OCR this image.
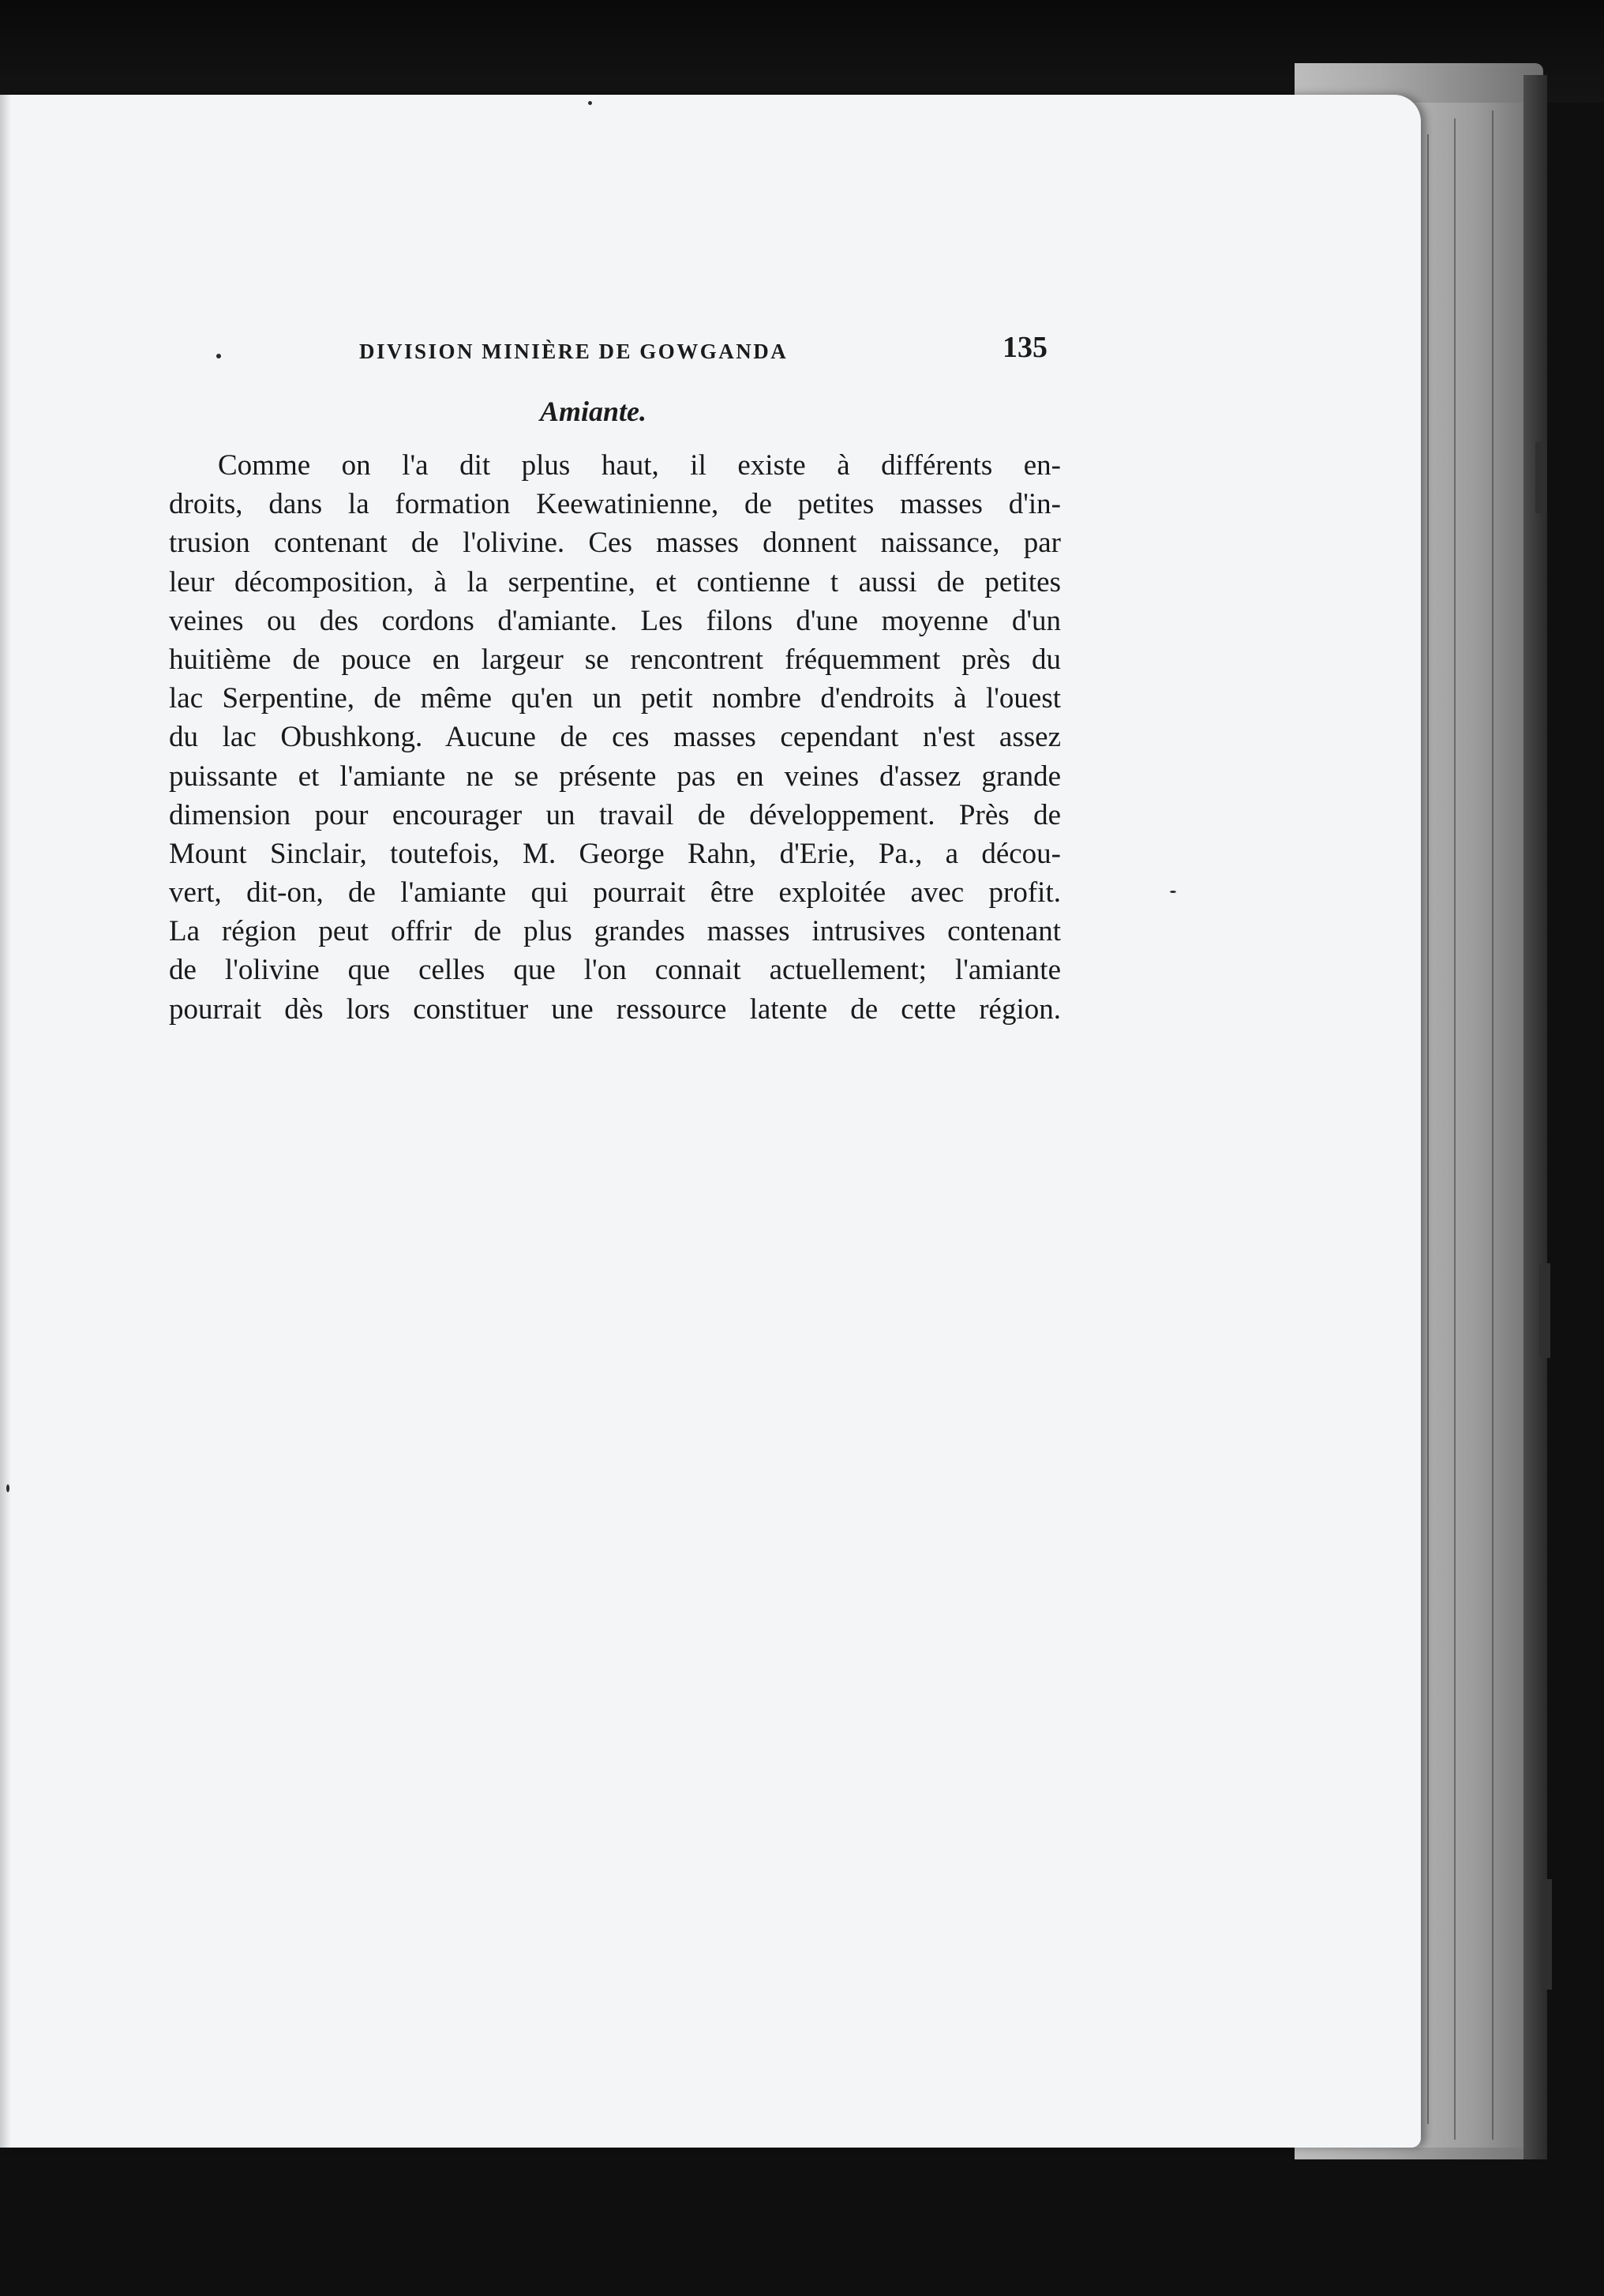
DIVISION MINIÈRE DE GOWGANDA	135
Amiante.
Comme on l'a dit plus haut, il existe à différents en-
droits, dans la formation Keewatinienne, de petites masses d'in-
trusion contenant de l'olivine. Ces masses donnent naissance, par
leur décomposition, à la serpentine, et contienne t aussi de petites
veines ou des cordons d'amiante. Les filons d'une moyenne d'un
huitième de pouce en largeur se rencontrent fréquemment près du
lac Serpentine, de même qu'en un petit nombre d'endroits à l'ouest
du lac Obushkong. Aucune de ces masses cependant n'est assez
puissante et l'amiante ne se présente pas en veines d'assez grande
dimension pour encourager un travail de développement. Près de
Mount Sinclair, toutefois, M. George Rahn, d'Erie, Pa., a décou-
vert, dit-on, de l'amiante qui pourrait être exploitée avec profit.
La région peut offrir de plus grandes masses intrusives contenant
de l'olivine que celles que l'on connait actuellement; l'amiante
pourrait dès lors constituer une ressource latente de cette région.
